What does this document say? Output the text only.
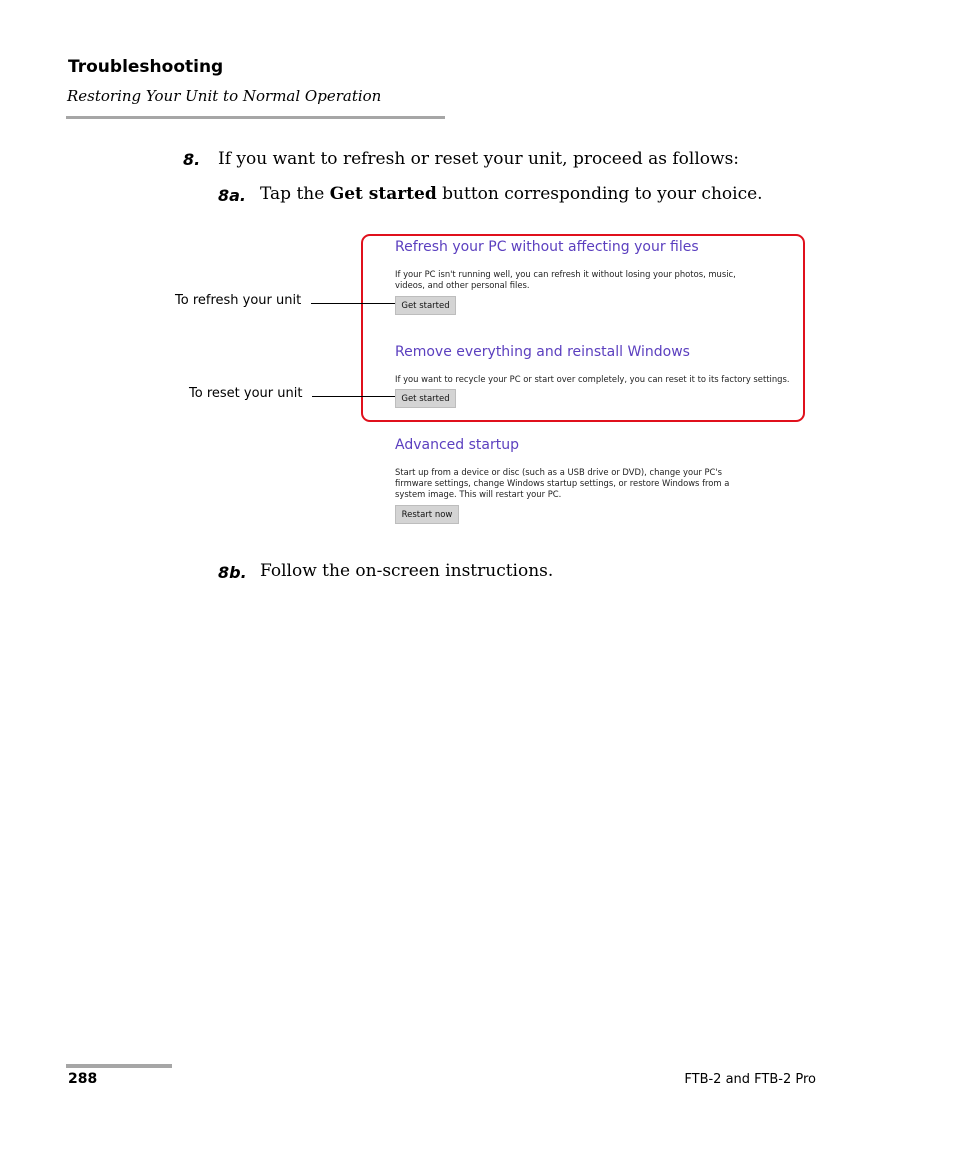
Troubleshooting
Restoring Your Unit to Normal Operation
8. If you want to refresh or reset your unit, proceed as follows:
8a. Tap the Get started button corresponding to your choice.
Refresh your PC without affecting your files
If your PC isn't running well, you can refresh it without losing your photos, music, videos, and other personal files.
Get started
Remove everything and reinstall Windows
If you want to recycle your PC or start over completely, you can reset it to its factory settings.
Get started
Advanced startup
Start up from a device or disc (such as a USB drive or DVD), change your PC's firmware settings, change Windows startup settings, or restore Windows from a system image. This will restart your PC.
Restart now
To refresh your unit
To reset your unit
8b. Follow the on-screen instructions.
288	FTB-2 and FTB-2 Pro
